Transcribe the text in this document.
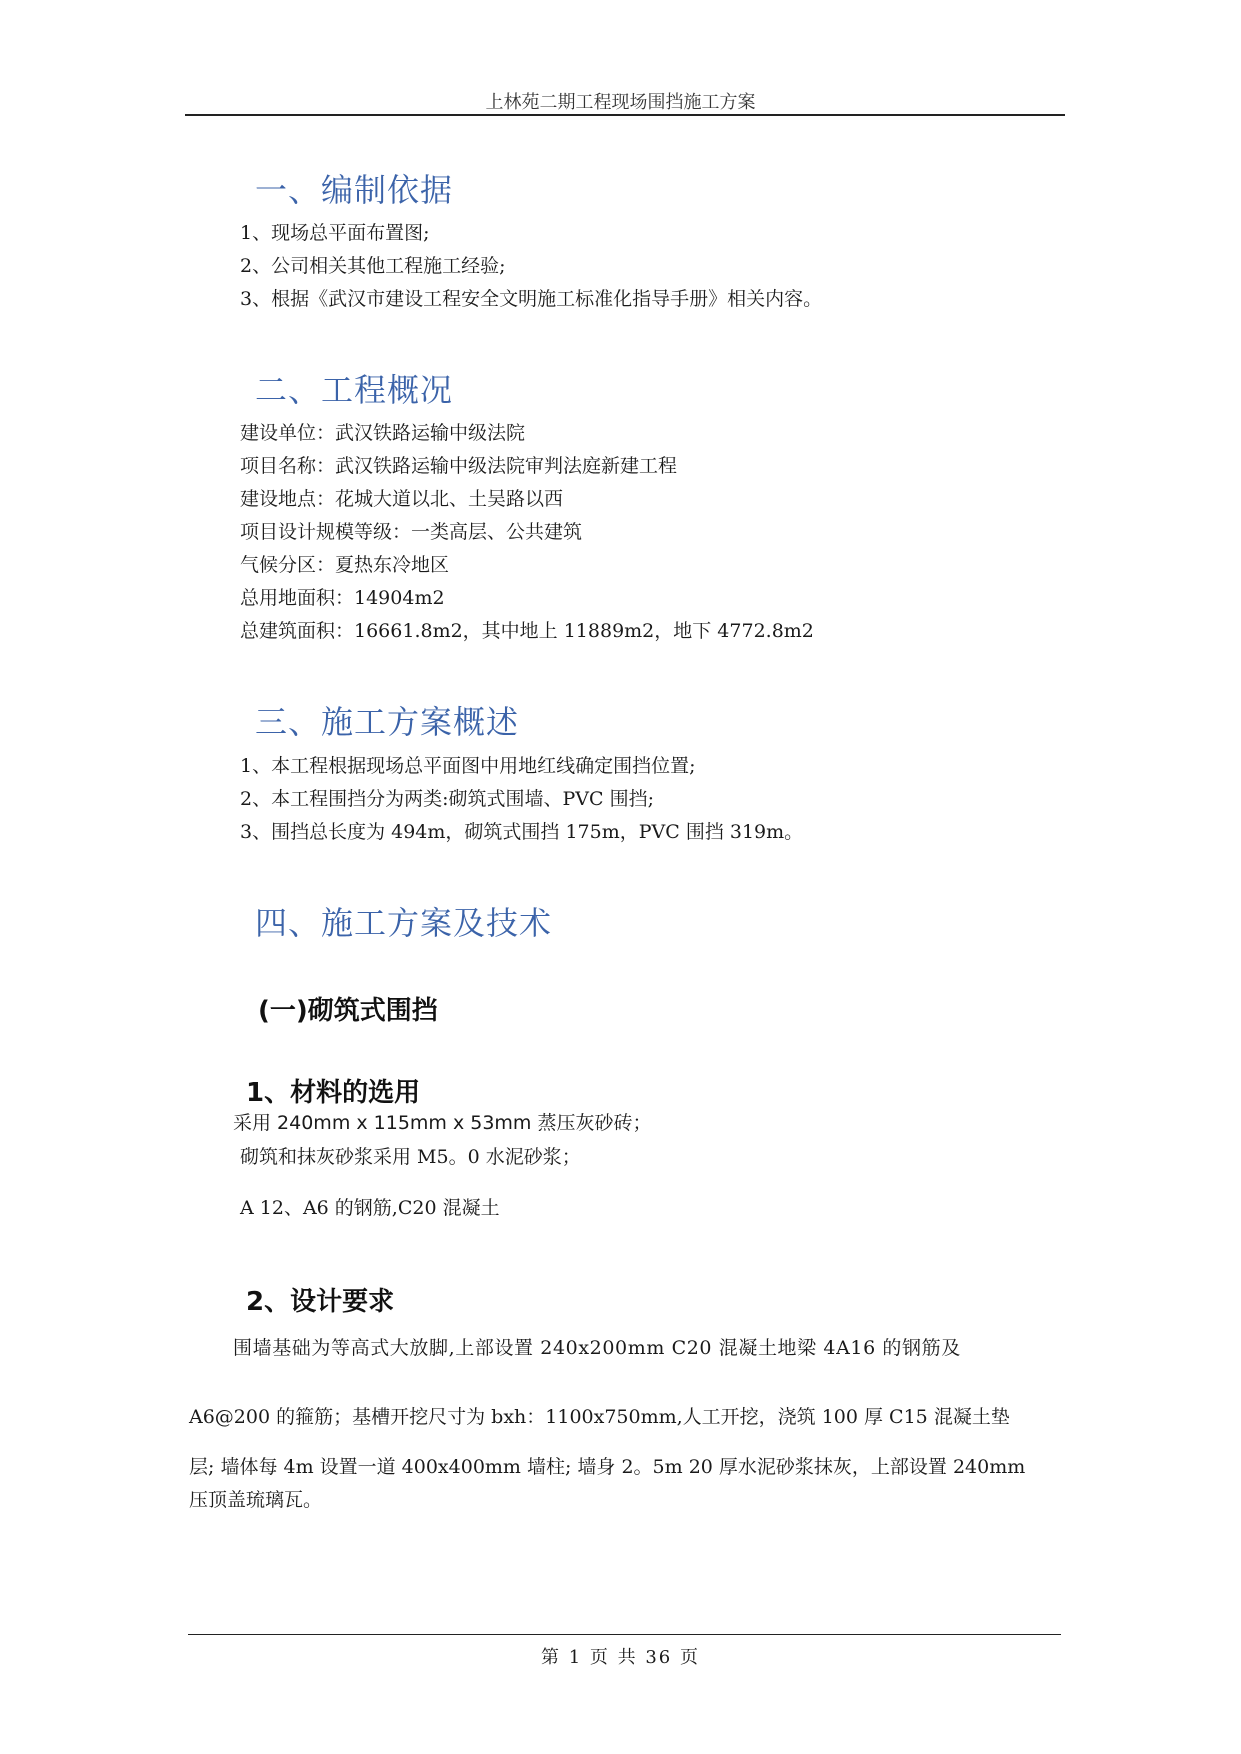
上林苑二期工程现场围挡施工方案
一、编制依据
1、现场总平面布置图;
2、公司相关其他工程施工经验;
3、根据《武汉市建设工程安全文明施工标准化指导手册》相关内容。
二、工程概况
建设单位：武汉铁路运输中级法院
项目名称：武汉铁路运输中级法院审判法庭新建工程
建设地点：花城大道以北、土吴路以西
项目设计规模等级：一类高层、公共建筑
气候分区：夏热东冷地区
总用地面积：14904m2
总建筑面积：16661.8m2，其中地上 11889m2，地下 4772.8m2
三、施工方案概述
1、本工程根据现场总平面图中用地红线确定围挡位置;
2、本工程围挡分为两类:砌筑式围墙、PVC 围挡;
3、围挡总长度为 494m，砌筑式围挡 175m，PVC 围挡 319m。
四、施工方案及技术
(一)砌筑式围挡
1、材料的选用
采用 240mm x 115mm x 53mm 蒸压灰砂砖；
砌筑和抹灰砂浆采用 M5。0 水泥砂浆；
A 12、A6 的钢筋,C20 混凝土
2、设计要求
围墙基础为等高式大放脚,上部设置 240x200mm C20 混凝土地梁 4A16 的钢筋及
A6@200 的箍筋；基槽开挖尺寸为 bxh：1100x750mm,人工开挖，浇筑 100 厚 C15 混凝土垫
层; 墙体每 4m 设置一道 400x400mm 墙柱; 墙身 2。5m 20 厚水泥砂浆抹灰，上部设置 240mm
压顶盖琉璃瓦。
第 1 页 共 36 页
